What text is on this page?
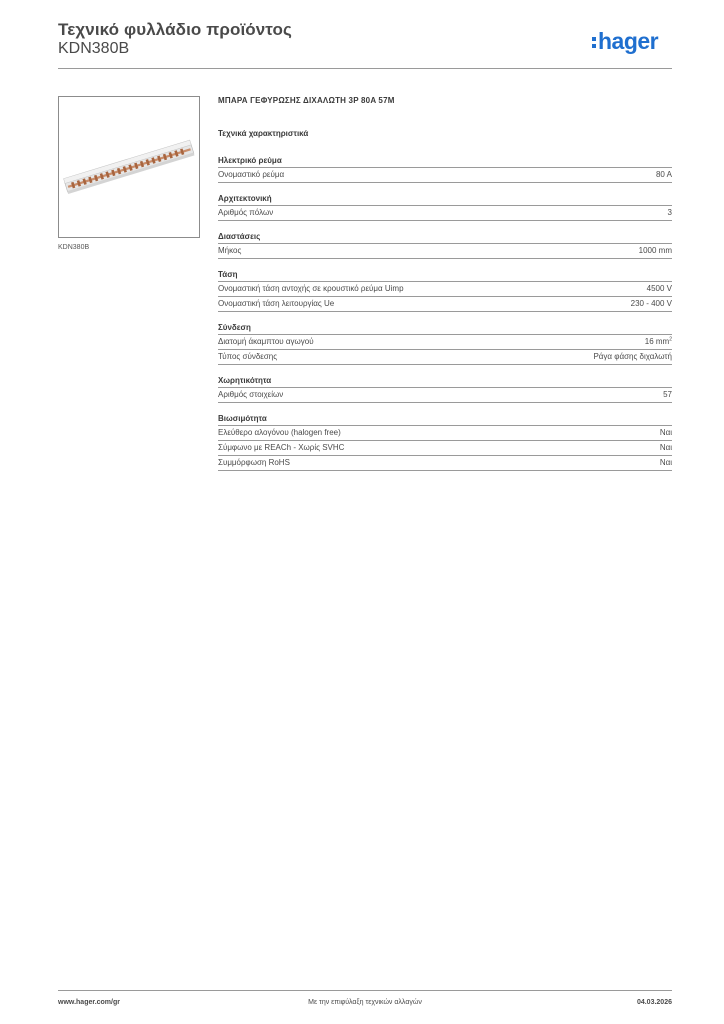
Τεχνικό φυλλάδιο προϊόντος
KDN380B	hager
KDN380B
ΜΠΑΡΑ ΓΕΦΥΡΩΣΗΣ ΔΙΧΑΛΩΤΗ 3P 80A 57M
Τεχνικά χαρακτηριστικά
Ηλεκτρικό ρεύμα
Ονομαστικό ρεύμα	80 A
Αρχιτεκτονική
Αριθμός πόλων	3
Διαστάσεις
Μήκος	1000 mm
Τάση
Ονομαστική τάση αντοχής σε κρουστικό ρεύμα Uimp	4500 V
Ονομαστική τάση λειτουργίας Ue	230 - 400 V
Σύνδεση
Διατομή άκαμπτου αγωγού	16 $mm^2$
Τύπος σύνδεσης	Ράγα φάσης διχαλωτή
Χωρητικότητα
Αριθμός στοιχείων	57
Βιωσιμότητα
Ελεύθερο αλογόνου (halogen free)	Ναι
Σύμφωνο με REACh - Χωρίς SVHC	Ναι
Συμμόρφωση RoHS	Ναι
www.hager.com/gr	Με την επιφύλαξη τεχνικών αλλαγών	04.03.2026
